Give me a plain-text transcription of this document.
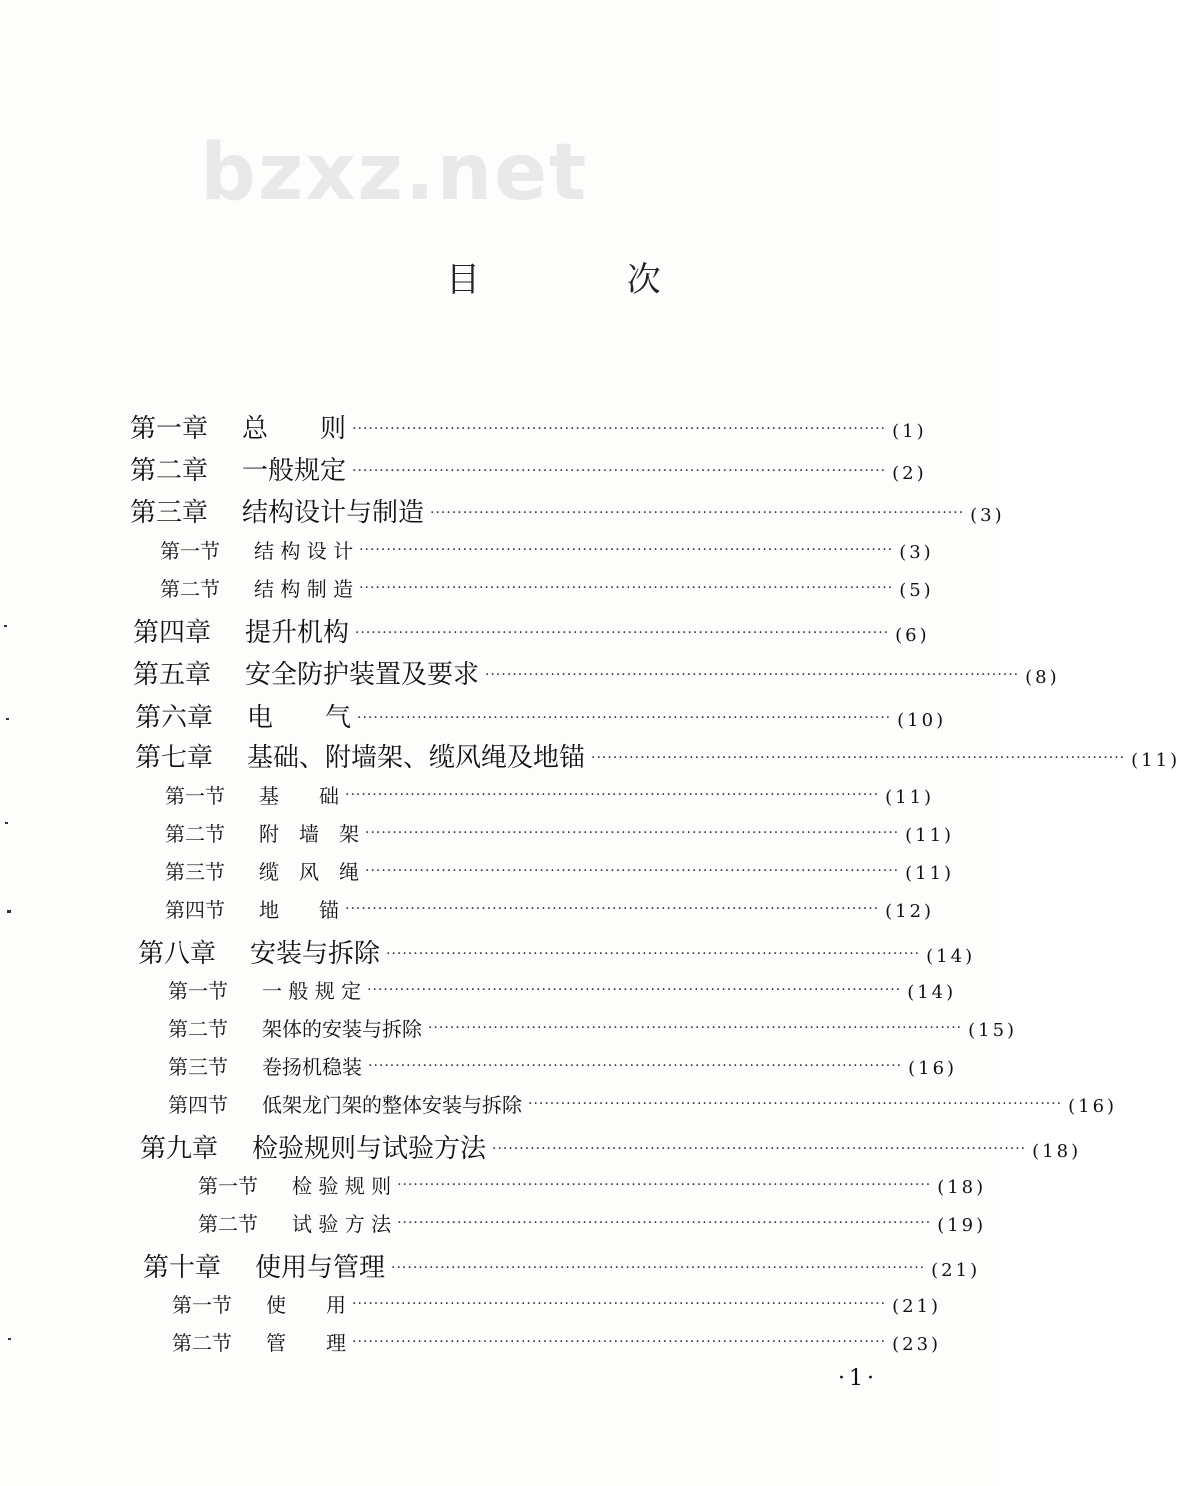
bzxz.net
目 次
第一章	总　　则 ·································································································· (1)
第二章	一般规定 ·································································································· (2)
第三章	结构设计与制造 ·································································································· (3)
第一节	结 构 设 计 ·································································································· (3)
第二节	结 构 制 造 ·································································································· (5)
第四章	提升机构 ·································································································· (6)
第五章	安全防护装置及要求 ·································································································· (8)
第六章	电　　气 ·································································································· (10)
第七章	基础、附墙架、缆风绳及地锚 ·································································································· (11)
第一节	基　　础 ·································································································· (11)
第二节	附　墙　架 ·································································································· (11)
第三节	缆　风　绳 ·································································································· (11)
第四节	地　　锚 ·································································································· (12)
第八章	安装与拆除 ·································································································· (14)
第一节	一 般 规 定 ·································································································· (14)
第二节	架体的安装与拆除 ·································································································· (15)
第三节	卷扬机稳装 ·································································································· (16)
第四节	低架龙门架的整体安装与拆除 ·································································································· (16)
第九章	检验规则与试验方法 ·································································································· (18)
第一节	检 验 规 则 ·································································································· (18)
第二节	试 验 方 法 ·································································································· (19)
第十章	使用与管理 ·································································································· (21)
第一节	使　　用 ·································································································· (21)
第二节	管　　理 ·································································································· (23)
·1·
